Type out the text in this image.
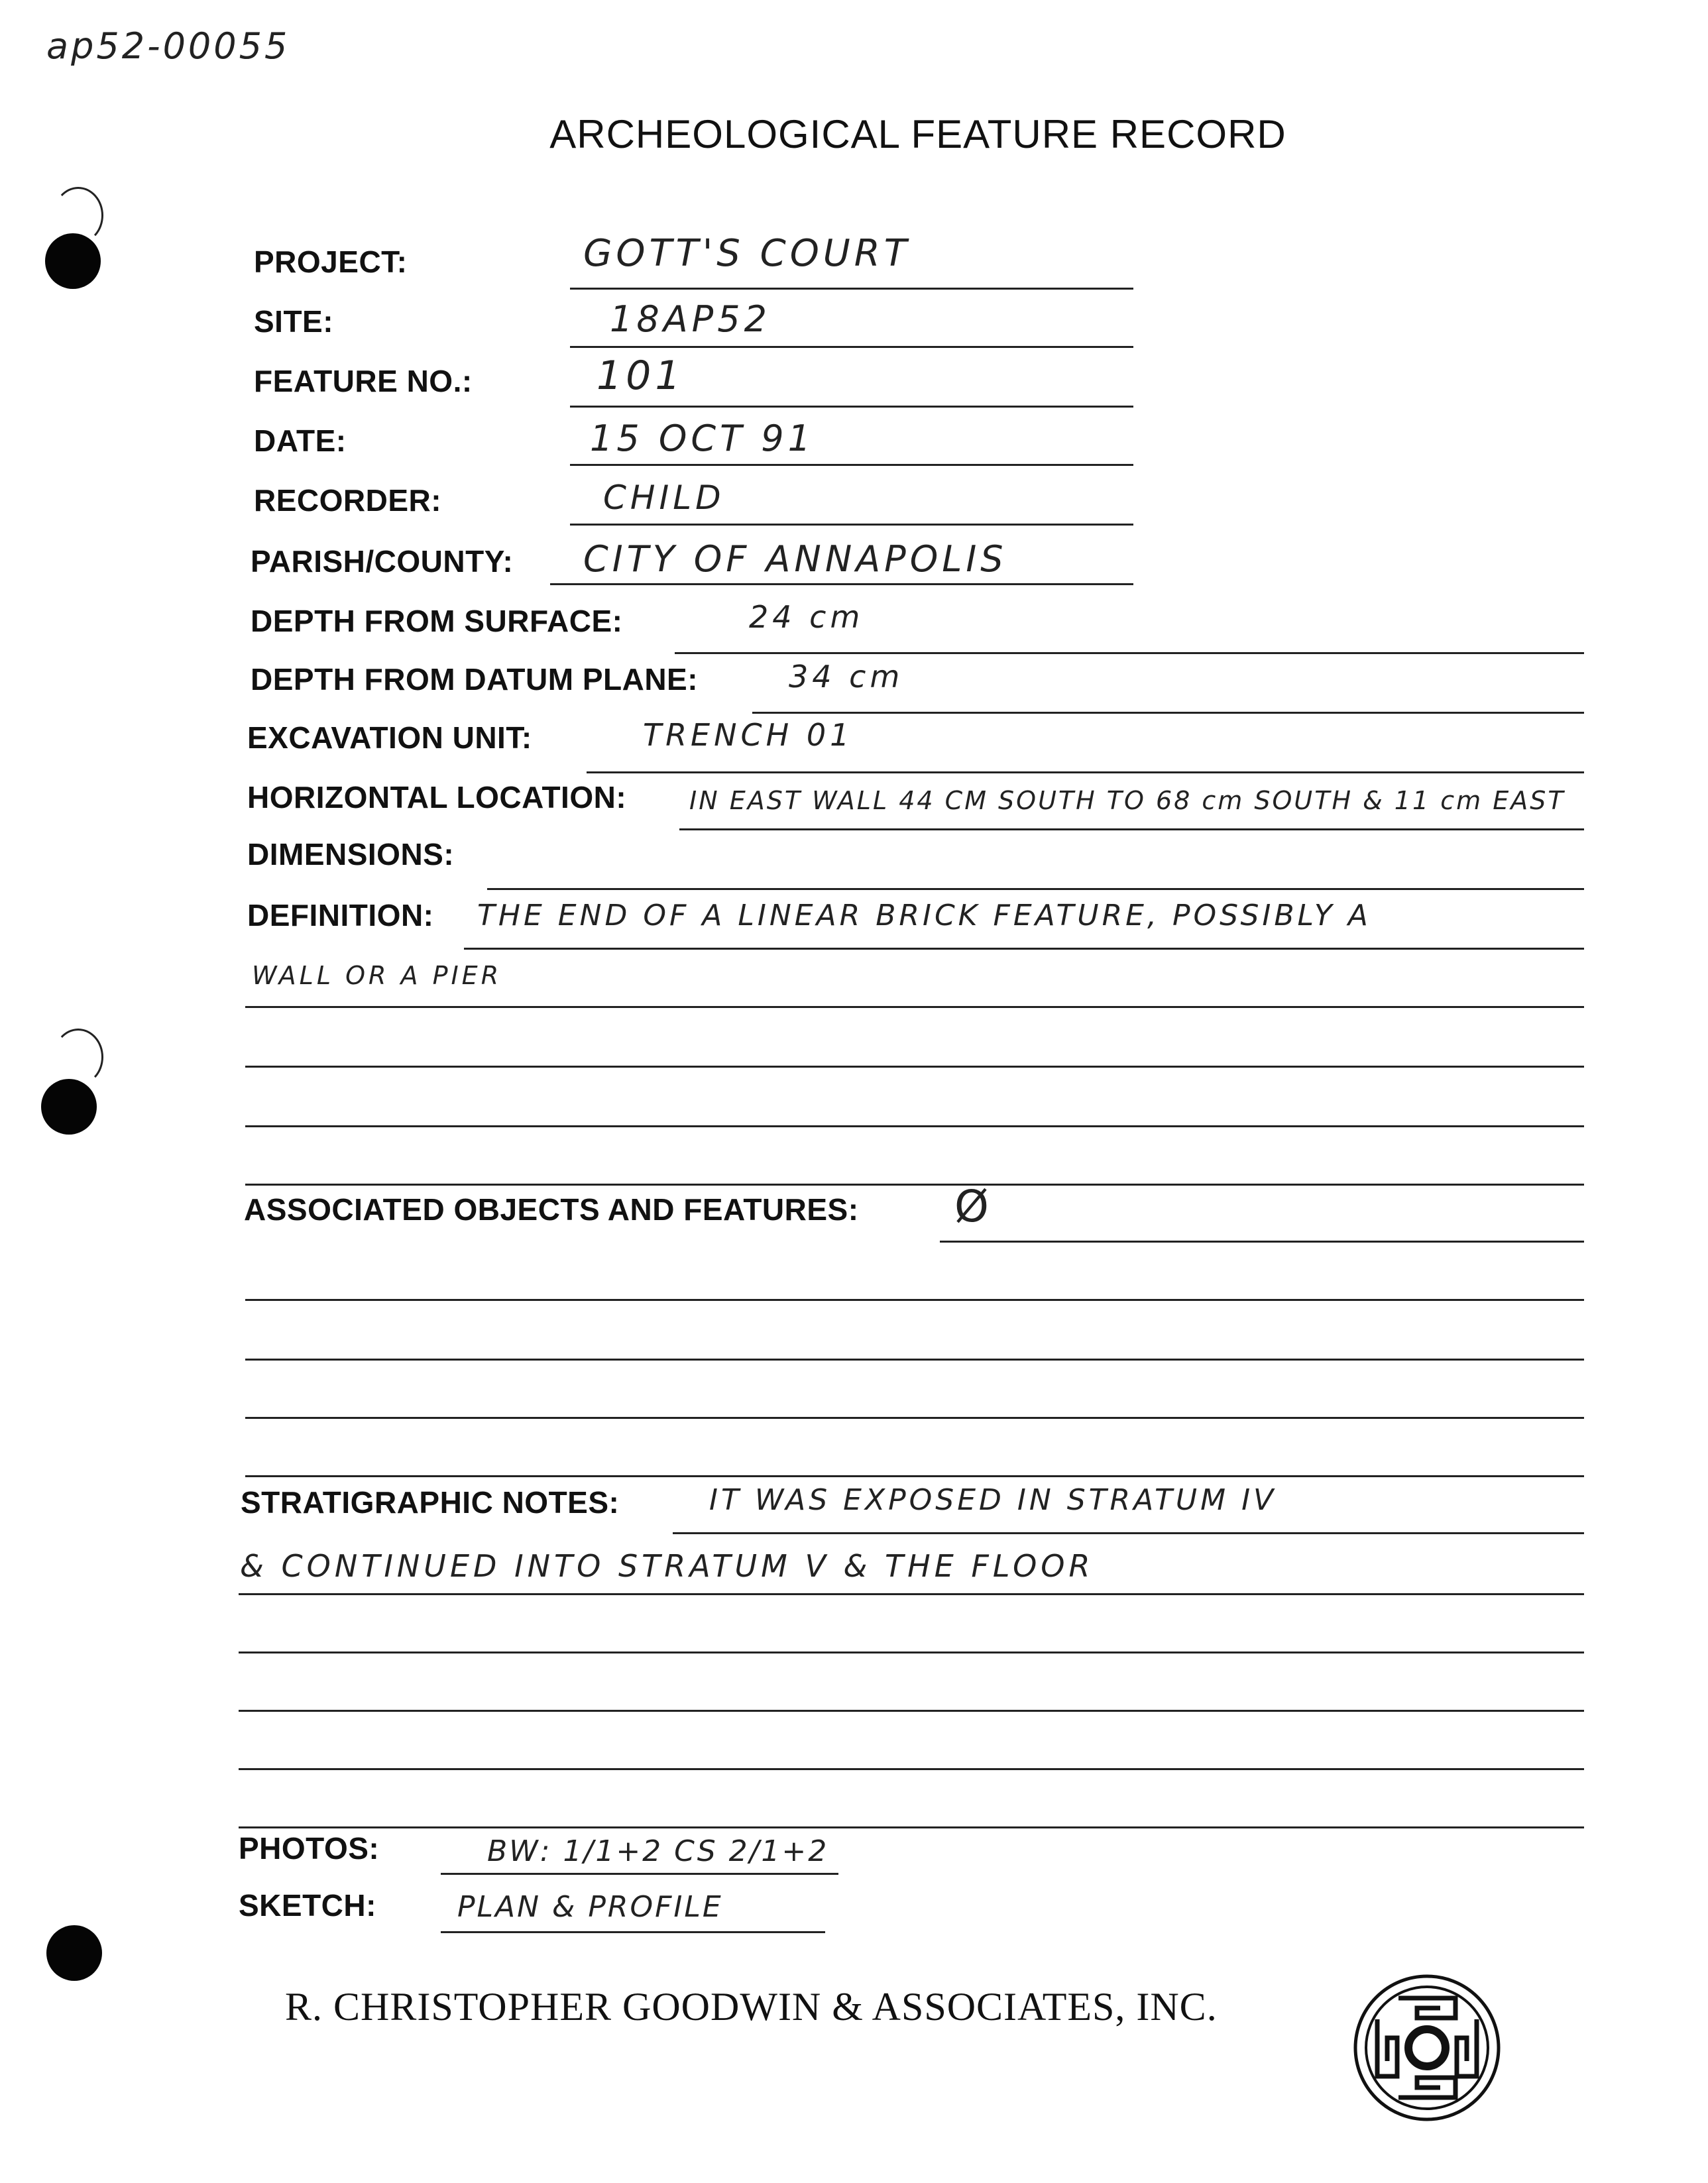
ap52-00055
ARCHEOLOGICAL FEATURE RECORD
PROJECT:	GOTT'S COURT
SITE:	18AP52
FEATURE NO.:	101
DATE:	15 OCT 91
RECORDER:	CHILD
PARISH/COUNTY: CITY OF ANNAPOLIS
DEPTH FROM SURFACE:	24 cm
DEPTH FROM DATUM PLANE:	34 cm
EXCAVATION UNIT:	TRENCH 01
HORIZONTAL LOCATION: IN EAST WALL 44 CM SOUTH TO 68 cm SOUTH & 11 cm EAST
DIMENSIONS:
DEFINITION: THE END OF A LINEAR BRICK FEATURE, POSSIBLY A
WALL OR A PIER
ASSOCIATED OBJECTS AND FEATURES: Ø
STRATIGRAPHIC NOTES:	IT WAS EXPOSED IN STRATUM IV
& CONTINUED INTO STRATUM V & THE FLOOR
PHOTOS:	BW: 1/1+2 CS 2/1+2
SKETCH:	PLAN & PROFILE
R. CHRISTOPHER GOODWIN & ASSOCIATES, INC.
